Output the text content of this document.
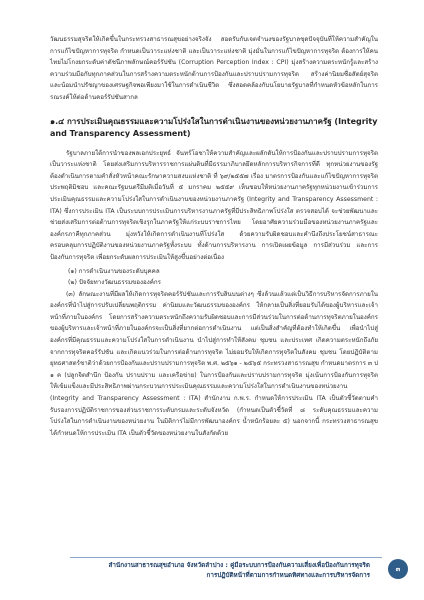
วัฒนธรรมสุจริตให้เกิดขึ้นในกระทรวงสาธารณสุขอย่างจริงจัง สอดรับกับเจตจำนงของรัฐบาลชุดปัจจุบันที่ให้ความสำคัญในการแก้ไขปัญหาการทุจริต กำหนดเป็นวาระแห่งชาติ และเป็นวาระแห่งชาติ มุ่งมั่นในการแก้ไขปัญหาการทุจริต ต้องการให้คนไทยไม่โกงยกระดับค่าดัชนีภาพลักษณ์คอร์รัปชัน (Corruption Perception Index : CPI) มุ่งสร้างความตระหนักรู้และสร้างความร่วมมือกับทุกภาคส่วนในการสร้างความตระหนักด้านการป้องกันและปราบปรามการทุจริต สร้างค่านิยมซื่อสัตย์สุจริตและน้อมนำปรัชญาของเศรษฐกิจพอเพียงมาใช้ในการดำเนินชีวิต ซึ่งสอดคล้องกับนโยบายรัฐบาลที่กำหนดหัวข้อหลักในการรณรงค์ให้ต่อต้านคอร์รัปชันสากล

๑.๔ การประเมินคุณธรรมและความโปร่งใสในการดำเนินงานของหน่วยงานภาครัฐ (Integrity and Transparency Assessment)

รัฐบาลภายใต้การนำของพลเอกประยุทธ์ จันทร์โอชาให้ความสำคัญและผลักดันให้การป้องกันและปราบปรามการทุจริตเป็นวาระแห่งชาติ โดยส่งเสริมการบริหารราชการแผ่นดินที่มีธรรมาภิบาลยึดหลักการบริหารกิจการที่ดี ทุกหน่วยงานของรัฐต้องดำเนินการตามคำสั่งหัวหน้าคณะรักษาความสงบแห่งชาติ ที่ ๖๙/๒๕๕๗ เรื่อง มาตรการป้องกันและแก้ไขปัญหาการทุจริตประพฤติมิชอบ และคณะรัฐมนตรีมีมติเมื่อวันที่ ๕ มกราคม ๒๕๕๙ เห็นชอบให้หน่วยงานภาครัฐทุกหน่วยงานเข้าร่วมการประเมินคุณธรรมและความโปร่งใสในการดำเนินงานของหน่วยงานภาครัฐ (Integrity and Transparency Assessment : ITA) ซึ่งการประเมิน ITA เป็นระบบการประเมินการบริหารงานภาครัฐที่มีประสิทธิภาพโปร่งใส ตรวจสอบได้ จะช่วยพัฒนาและช่วยส่งเสริมการต่อต้านการทุจริตเชิงรุกในภาครัฐให้แก่ระบบราชการไทย โดยอาศัยความร่วมมือของหน่วยงานภาครัฐและองค์กรภาคีทุกภาคส่วน มุ่งหวังให้เกิดการดำเนินงานที่โปร่งใส ด้วยความรับผิดชอบและคำนึงถึงประโยชน์สาธารณะ ครอบคลุมการปฏิบัติงานของหน่วยงานภาครัฐทั้งระบบ ทั้งด้านการบริหารงาน การเปิดเผยข้อมูล การมีส่วนร่วม และการป้องกันการทุจริต เพื่อยกระดับผลการประเมินให้สูงขึ้นอย่างต่อเนื่อง

(๑) การดำเนินงานของระดับบุคคล

(๒) ปัจจัยทางวัฒนธรรมขององค์กร

(๓) ลักษณะงานที่มีผลให้เกิดการทุจริตคอร์รัปชันและการรับสินบนต่างๆ ซึ่งล้วนแล้วแต่เป็นวิธีการบริหารจัดการภายในองค์กรที่นำไปสู่การปรับเปลี่ยนพฤติกรรม ค่านิยมและวัฒนธรรมขององค์กร ให้กลายเป็นสิ่งที่ยอมรับได้ของผู้บริหารและเจ้าหน้าที่ภายในองค์กร โดยการสร้างความตระหนักถึงความรับผิดชอบและการมีส่วนร่วมในการต่อต้านการทุจริตภายในองค์กรของผู้บริหารและเจ้าหน้าที่ภายในองค์กรจะเป็นสิ่งที่ยากต่อการดำเนินงาน แต่เป็นสิ่งสำคัญที่ต้องทำให้เกิดขึ้น เพื่อนำไปสู่องค์กรที่มีคุณธรรมและความโปร่งใสในการดำเนินงาน นำไปสู่การทำให้สังคม ชุมชน และประเทศ เกิดความตระหนักถึงภัยจากการทุจริตคอร์รัปชัน และเกิดแนวร่วมในการต่อต้านการทุจริต ไม่ยอมรับให้เกิดการทุจริตในสังคม ชุมชน โดยปฏิบัติตามยุทธศาสตร์ชาติว่าด้วยการป้องกันและปราบปรามการทุจริต พ.ศ. ๒๕๖๑ - ๒๕๖๕ กระทรวงสาธารณสุข กำหนดมาตรการ ๓ ป ๑ ค (ปลูกจิตสำนึก ป้องกัน ปราบปราม และเครือข่าย) ในการป้องกันและปราบปรามการทุจริต มุ่งเน้นการป้องกันการทุจริต ให้เข้มแข็งและมีประสิทธิภาพผ่านกระบวนการประเมินคุณธรรมและความโปร่งใสในการดำเนินงานของหน่วยงาน (Integrity and Transparency Assessment : ITA) สำนักงาน ก.พ.ร. กำหนดให้การประเมิน ITA เป็นตัวชี้วัดตามคำรับรองการปฏิบัติราชการของส่วนราชการระดับกรมและระดับจังหวัด (กำหนดเป็นตัวชี้วัดที่ ๘ ระดับคุณธรรมและความโปร่งใสในการดำเนินงานของหน่วยงาน ในมิติการไม่มีการพัฒนาองค์กร น้ำหนักร้อยละ ๕) นอกจากนี้ กระทรวงสาธารณสุขได้กำหนดให้การประเมิน ITA เป็นตัวชี้วัดของหน่วยงานในสังกัดด้วย

สำนักงานสาธารณสุขอำเภอ จังหวัดลำปาง : คู่มือระบบการป้องกันความเสี่ยงเพื่อป้องกันการทุจริต
การปฏิบัติหน้าที่ตามการกำหนดทิศทางและการบริหารจัดการ
๓
